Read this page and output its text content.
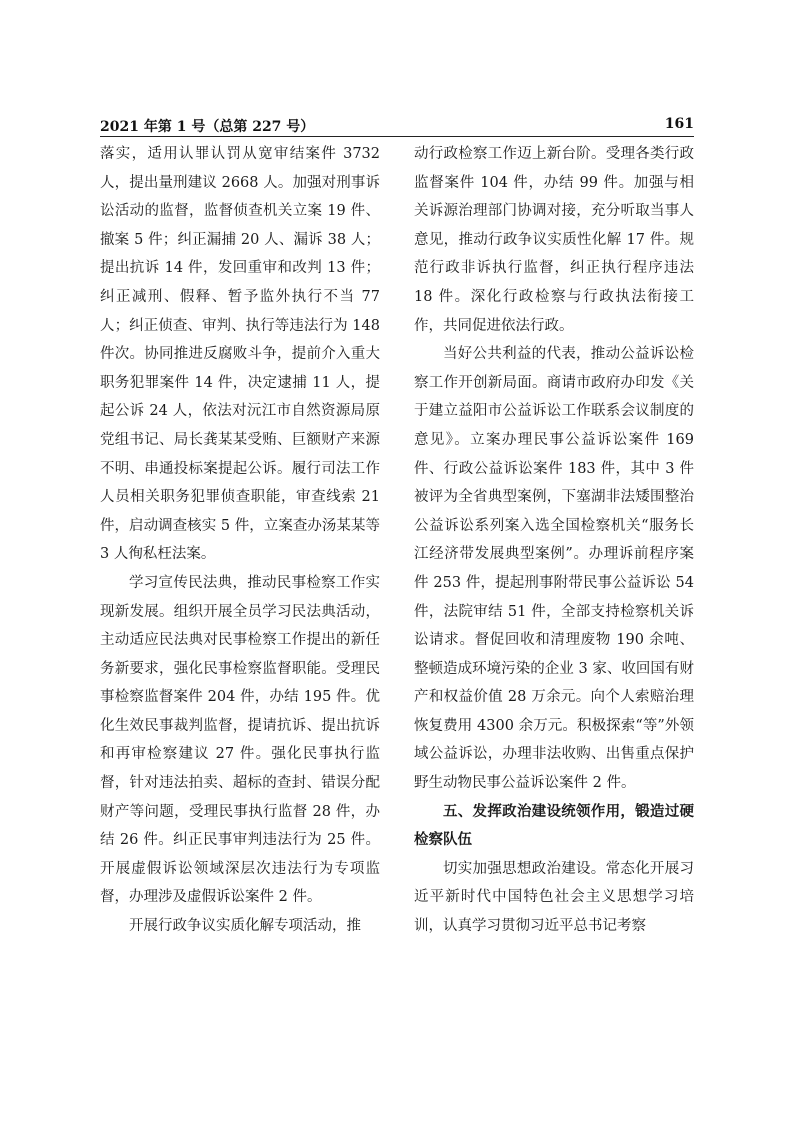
2021 年第 1 号（总第 227 号）	161

落实，适用认罪认罚从宽审结案件 3732 人，提出量刑建议 2668 人。加强对刑事诉讼活动的监督，监督侦查机关立案 19 件、撤案 5 件；纠正漏捕 20 人、漏诉 38 人；提出抗诉 14 件，发回重审和改判 13 件；纠正减刑、假释、暂予监外执行不当 77 人；纠正侦查、审判、执行等违法行为 148 件次。协同推进反腐败斗争，提前介入重大职务犯罪案件 14 件，决定逮捕 11 人，提起公诉 24 人，依法对沅江市自然资源局原党组书记、局长龚某某受贿、巨额财产来源不明、串通投标案提起公诉。履行司法工作人员相关职务犯罪侦查职能，审查线索 21 件，启动调查核实 5 件，立案查办汤某某等 3 人徇私枉法案。

学习宣传民法典，推动民事检察工作实现新发展。组织开展全员学习民法典活动，主动适应民法典对民事检察工作提出的新任务新要求，强化民事检察监督职能。受理民事检察监督案件 204 件，办结 195 件。优化生效民事裁判监督，提请抗诉、提出抗诉和再审检察建议 27 件。强化民事执行监督，针对违法拍卖、超标的查封、错误分配财产等问题，受理民事执行监督 28 件，办结 26 件。纠正民事审判违法行为 25 件。开展虚假诉讼领域深层次违法行为专项监督，办理涉及虚假诉讼案件 2 件。

开展行政争议实质化解专项活动，推

动行政检察工作迈上新台阶。受理各类行政监督案件 104 件，办结 99 件。加强与相关诉源治理部门协调对接，充分听取当事人意见，推动行政争议实质性化解 17 件。规范行政非诉执行监督，纠正执行程序违法 18 件。深化行政检察与行政执法衔接工作，共同促进依法行政。

当好公共利益的代表，推动公益诉讼检察工作开创新局面。商请市政府办印发《关于建立益阳市公益诉讼工作联系会议制度的意见》。立案办理民事公益诉讼案件 169 件、行政公益诉讼案件 183 件，其中 3 件被评为全省典型案例，下塞湖非法矮围整治公益诉讼系列案入选全国检察机关“服务长江经济带发展典型案例”。办理诉前程序案件 253 件，提起刑事附带民事公益诉讼 54 件，法院审结 51 件，全部支持检察机关诉讼请求。督促回收和清理废物 190 余吨、整顿造成环境污染的企业 3 家、收回国有财产和权益价值 28 万余元。向个人索赔治理恢复费用 4300 余万元。积极探索“等”外领域公益诉讼，办理非法收购、出售重点保护野生动物民事公益诉讼案件 2 件。

五、发挥政治建设统领作用，锻造过硬检察队伍

切实加强思想政治建设。常态化开展习近平新时代中国特色社会主义思想学习培训，认真学习贯彻习近平总书记考察
